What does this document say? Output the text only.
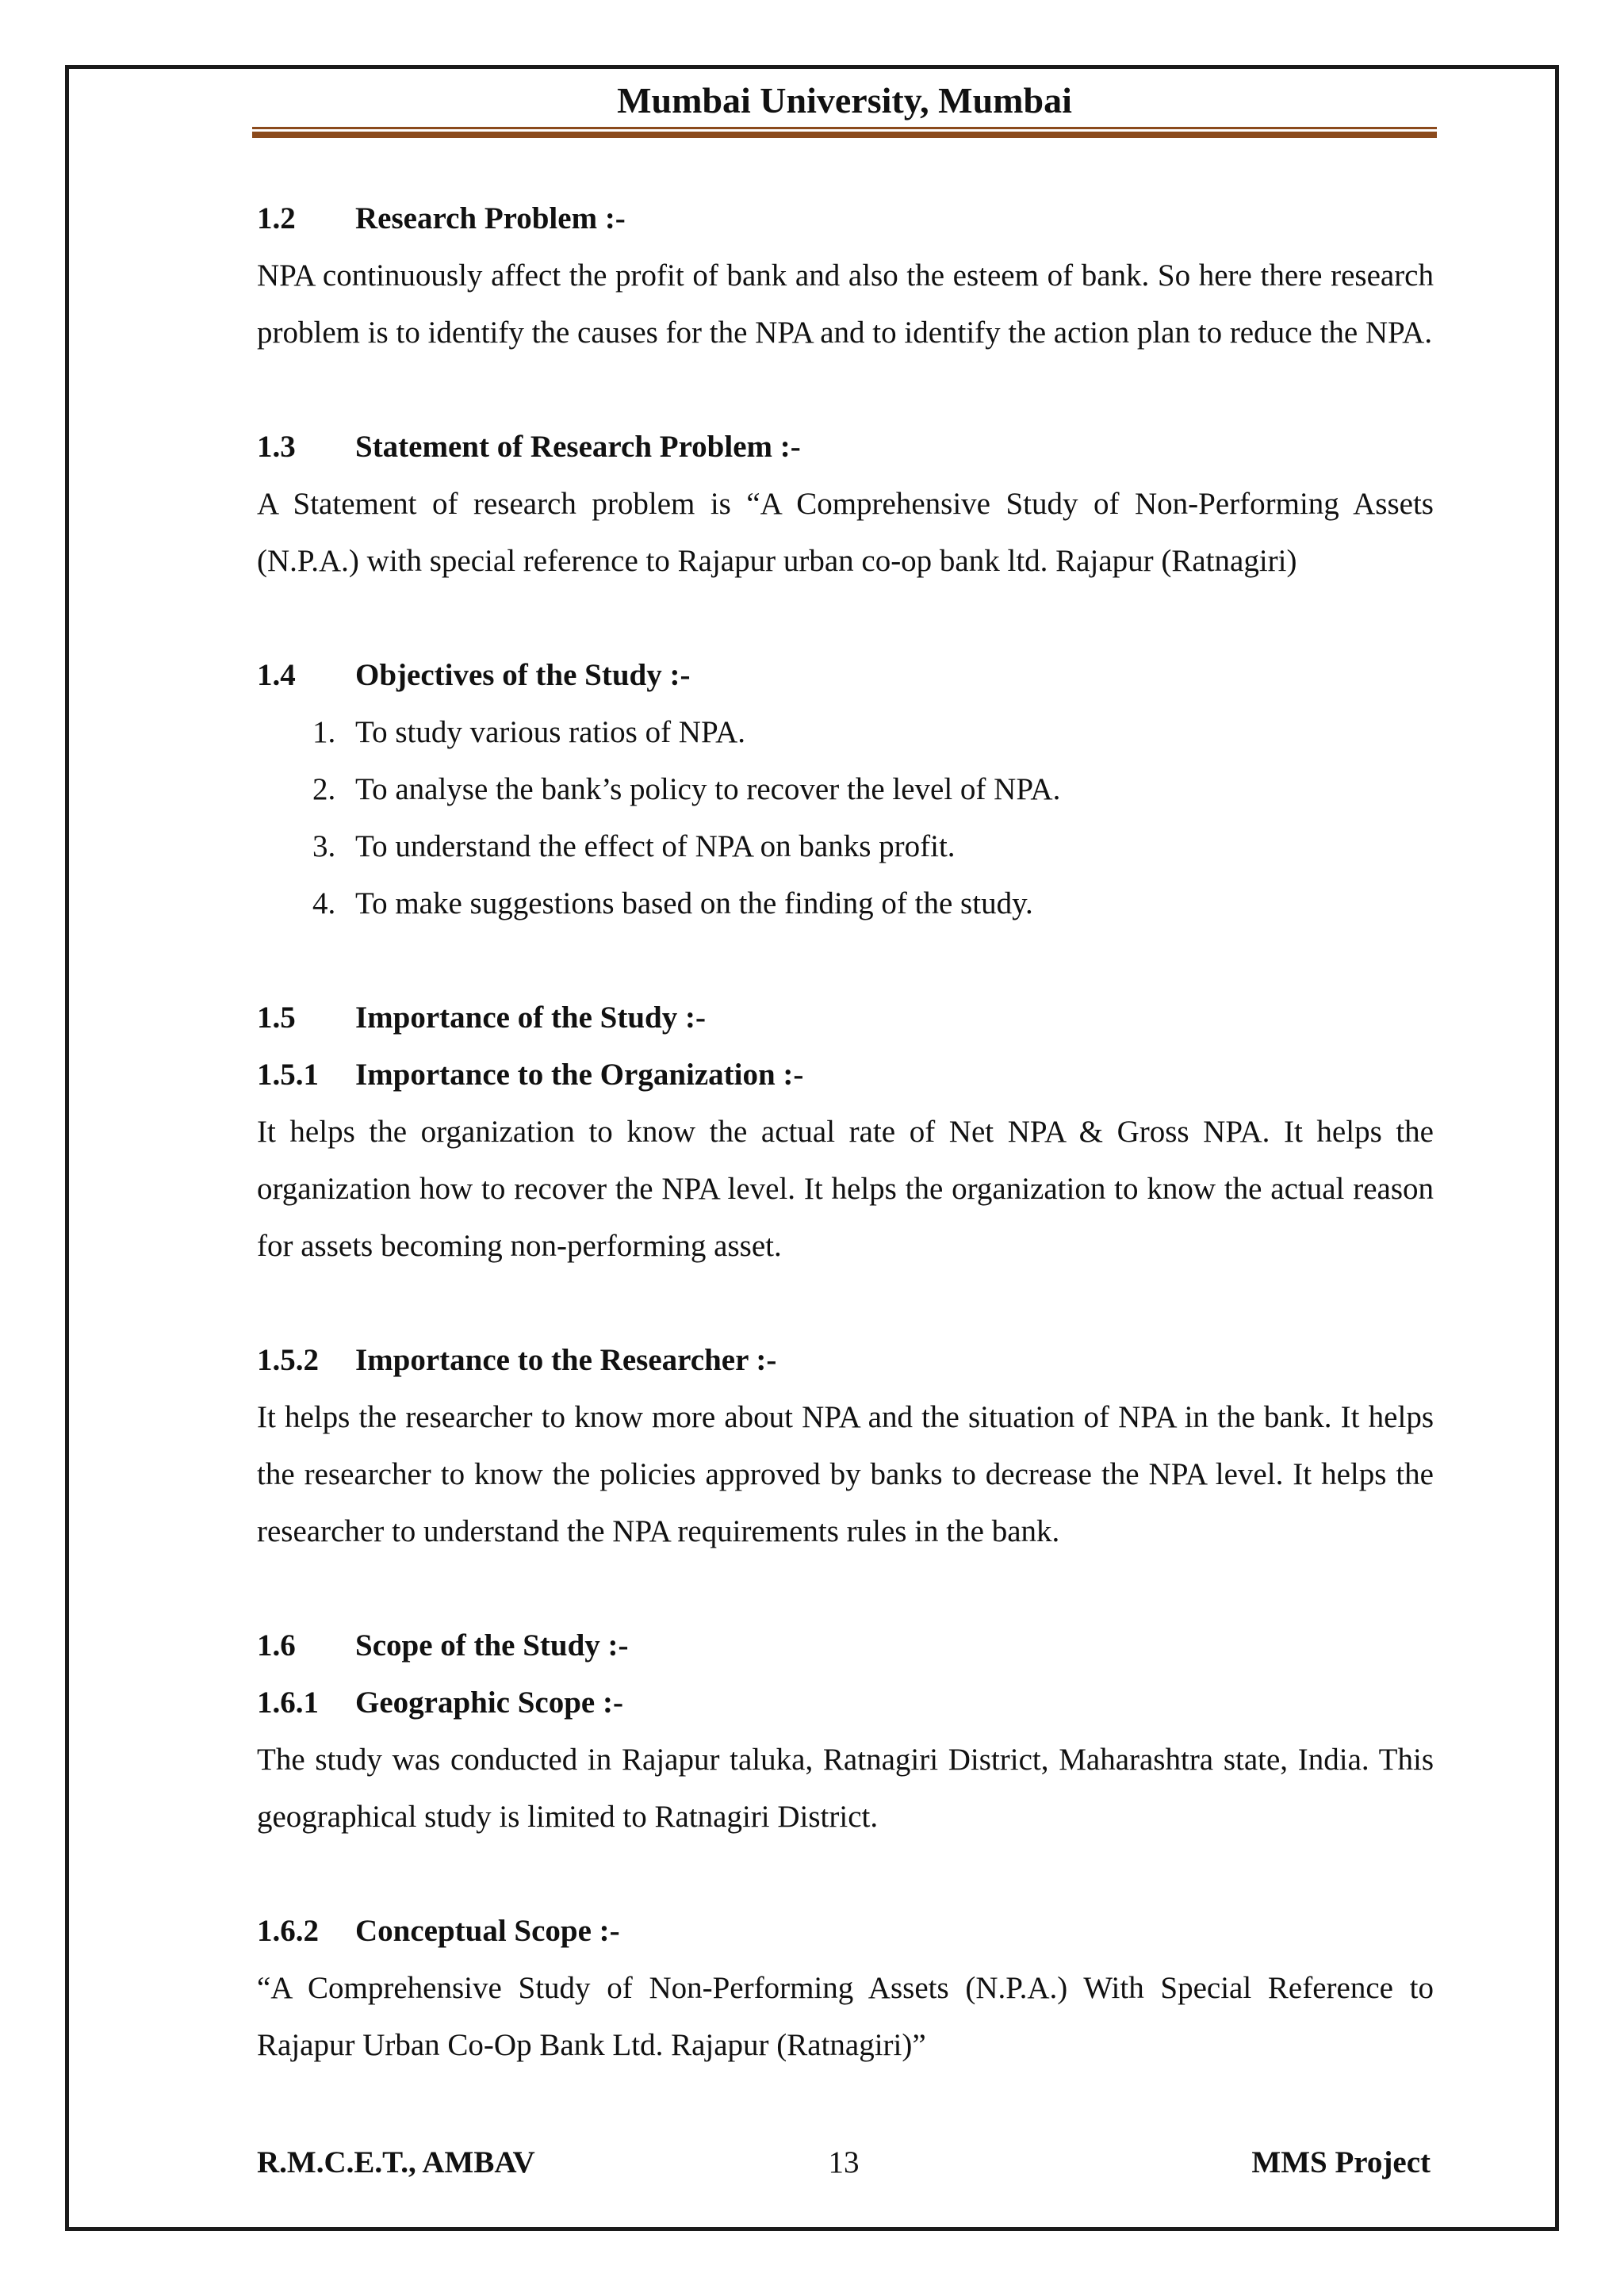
Mumbai University, Mumbai
1.2	Research Problem :-

NPA continuously affect the profit of bank and also the esteem of bank. So here there research problem is to identify the causes for the NPA and to identify the action plan to reduce the NPA.

1.3	Statement of Research Problem :-

A Statement of research problem is “A Comprehensive Study of Non-Performing Assets (N.P.A.) with special reference to Rajapur urban co-op bank ltd. Rajapur (Ratnagiri)

1.4	Objectives of the Study :-
1. To study various ratios of NPA.
2. To analyse the bank’s policy to recover the level of NPA.
3. To understand the effect of NPA on banks profit.
4. To make suggestions based on the finding of the study.
1.5	Importance of the Study :-
1.5.1	Importance to the Organization :-

It helps the organization to know the actual rate of Net NPA & Gross NPA. It helps the organization how to recover the NPA level. It helps the organization to know the actual reason for assets becoming non-performing asset.

1.5.2	Importance to the Researcher :-

It helps the researcher to know more about NPA and the situation of NPA in the bank. It helps the researcher to know the policies approved by banks to decrease the NPA level. It helps the researcher to understand the NPA requirements rules in the bank.

1.6	Scope of the Study :-
1.6.1	Geographic Scope :-

The study was conducted in Rajapur taluka, Ratnagiri District, Maharashtra state, India. This geographical study is limited to Ratnagiri District.

1.6.2	Conceptual Scope :-

“A Comprehensive Study of Non-Performing Assets (N.P.A.) With Special Reference to Rajapur Urban Co-Op Bank Ltd. Rajapur (Ratnagiri)”

R.M.C.E.T., AMBAV	13	MMS Project
